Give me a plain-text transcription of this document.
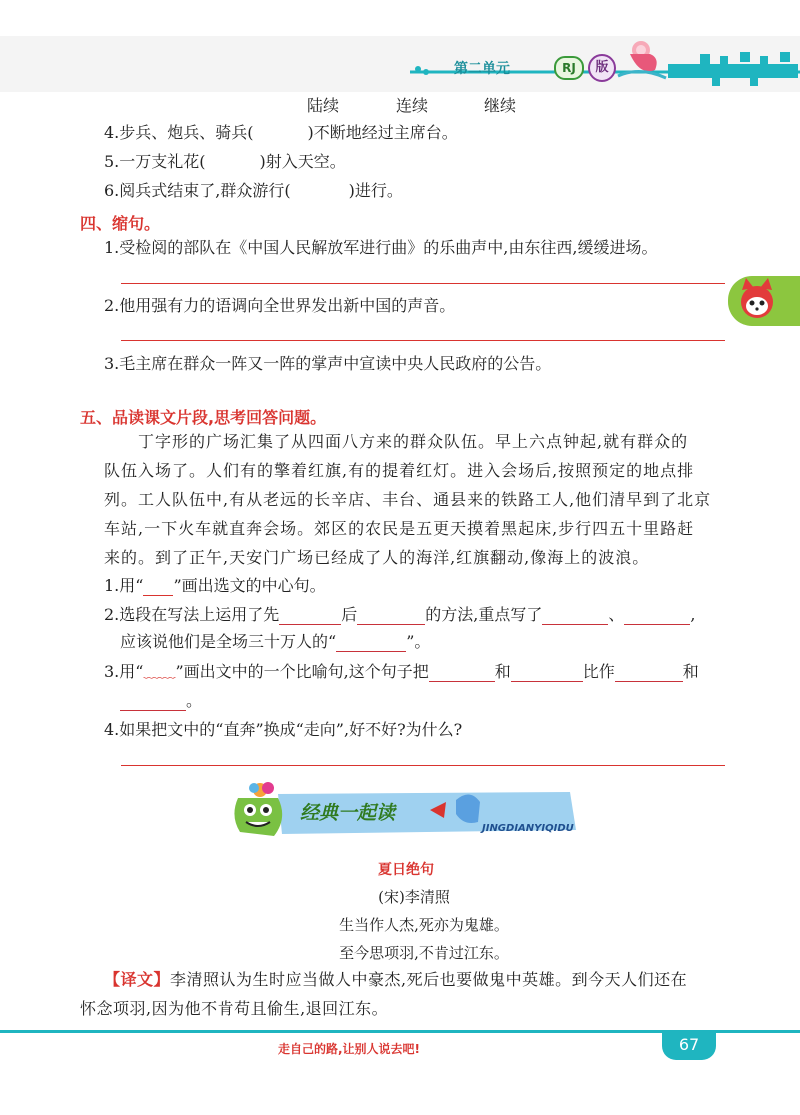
第二单元	RJ	版
陆续	连续	继续
4.步兵、炮兵、骑兵(	)不断地经过主席台。
5.一万支礼花(	)射入天空。
6.阅兵式结束了,群众游行(	)进行。
四、缩句。
1.受检阅的部队在《中国人民解放军进行曲》的乐曲声中,由东往西,缓缓进场。
2.他用强有力的语调向全世界发出新中国的声音。
3.毛主席在群众一阵又一阵的掌声中宣读中央人民政府的公告。
五、品读课文片段,思考回答问题。
丁字形的广场汇集了从四面八方来的群众队伍。早上六点钟起,就有群众的
队伍入场了。人们有的擎着红旗,有的提着红灯。进入会场后,按照预定的地点排
列。工人队伍中,有从老远的长辛店、丰台、通县来的铁路工人,他们清早到了北京
车站,一下火车就直奔会场。郊区的农民是五更天摸着黑起床,步行四五十里路赶
来的。到了正午,天安门广场已经成了人的海洋,红旗翻动,像海上的波浪。
1.用“ ”画出选文的中心句。
2.选段在写法上运用了先	后	的方法,重点写了	、	,
应该说他们是全场三十万人的“	”。
3.用“﹏﹏”画出文中的一个比喻句,这个句子把	和	比作	和
。
4.如果把文中的“直奔”换成“走向”,好不好?为什么?
经典一起读
JINGDIANYIQIDU
夏日绝句
(宋)李清照
生当作人杰,死亦为鬼雄。
至今思项羽,不肯过江东。
【译文】李清照认为生时应当做人中豪杰,死后也要做鬼中英雄。到今天人们还在
怀念项羽,因为他不肯苟且偷生,退回江东。
走自己的路,让别人说去吧!	67
